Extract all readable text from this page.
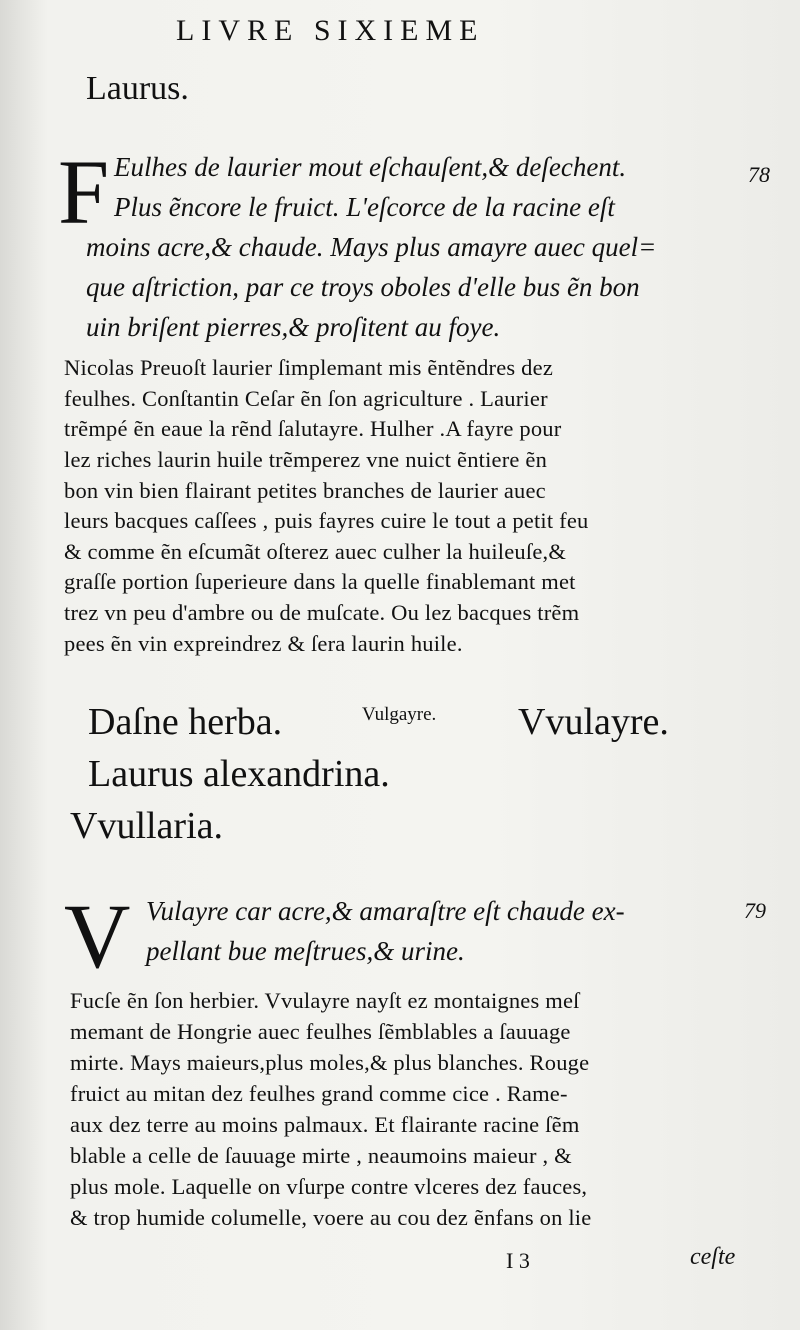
LIVRE SIXIEME
Laurus.
F Eulhes de laurier mout eſchauſent,& deſechent.
Plus ẽncore le fruict. L'eſcorce de la racine eſt
moins acre,& chaude. Mays plus amayre auec quel=
que aſtriction, par ce troys oboles d'elle bus ẽn bon
uin briſent pierres,& proſitent au foye.
78
Nicolas Preuoſt laurier ſimplemant mis ẽntẽndres dez
feulhes. Conſtantin Ceſar ẽn ſon agriculture . Laurier
trẽmpé ẽn eaue la rẽnd ſalutayre. Hulher .A fayre pour
lez riches laurin huile trẽmperez vne nuict ẽntiere ẽn
bon vin bien flairant petites branches de laurier auec
leurs bacques caſſees , puis fayres cuire le tout a petit feu
& comme ẽn eſcumãt oſterez auec culher la huileuſe,&
graſſe portion ſuperieure dans la quelle finablemant met
trez vn peu d'ambre ou de muſcate. Ou lez bacques trẽm
pees ẽn vin expreindrez & ſera laurin huile.
Daſne herba.	Vulgayre. Vvulayre.
Laurus alexandrina.
Vvullaria.
V Vulayre car acre,& amaraſtre eſt chaude ex-
pellant bue meſtrues,& urine.
79
Fucſe ẽn ſon herbier. Vvulayre nayſt ez montaignes meſ
memant de Hongrie auec feulhes ſẽmblables a ſauuage
mirte. Mays maieurs,plus moles,& plus blanches. Rouge
fruict au mitan dez feulhes grand comme cice . Rame-
aux dez terre au moins palmaux. Et flairante racine ſẽm
blable a celle de ſauuage mirte , neaumoins maieur , &
plus mole. Laquelle on vſurpe contre vlceres dez fauces,
& trop humide columelle, voere au cou dez ẽnfans on lie
I 3	ceſte
